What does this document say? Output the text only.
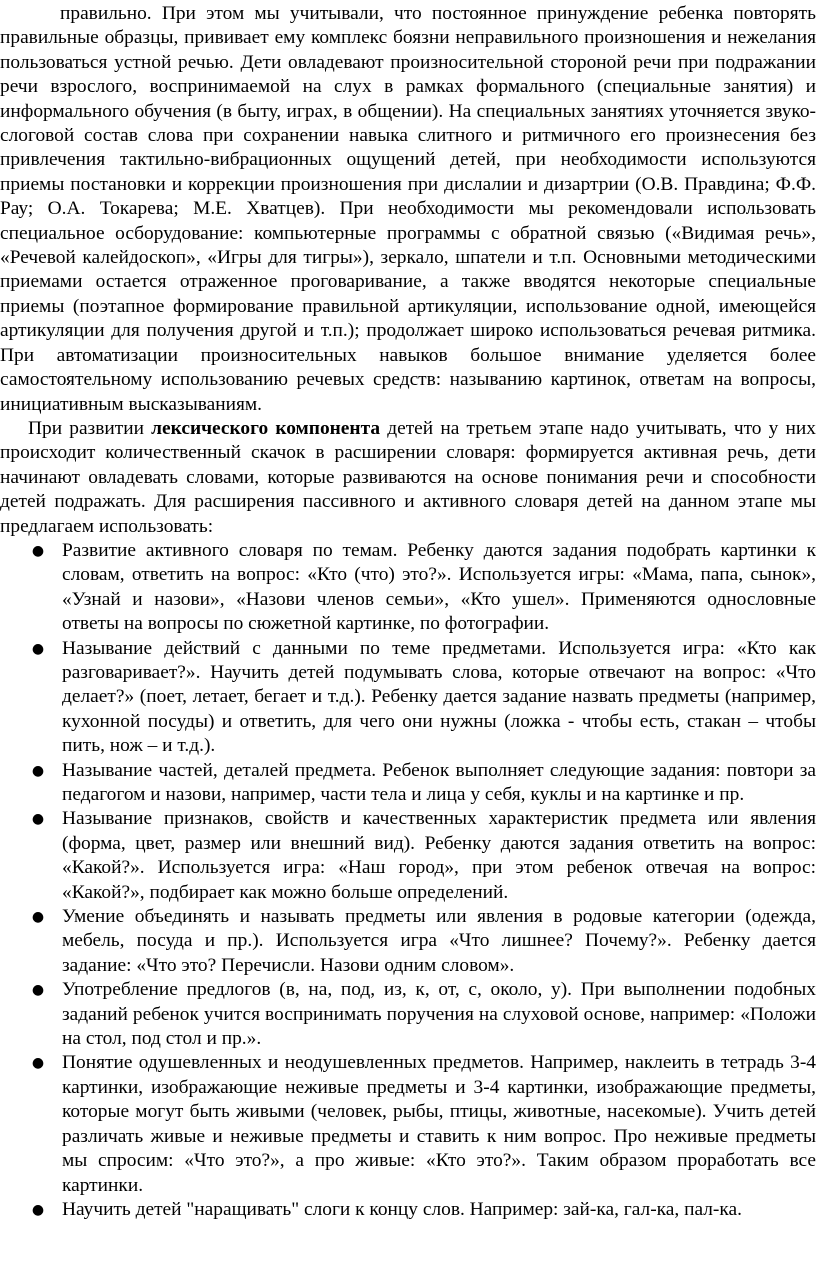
правильно. При этом мы учитывали, что постоянное принуждение ребенка повторять правильные образцы, прививает ему комплекс боязни неправильного произношения и нежелания пользоваться устной речью. Дети овладевают произносительной стороной речи при подражании речи взрослого, воспринимаемой на слух в рамках формального (специальные занятия) и информального обучения (в быту, играх, в общении). На специальных занятиях уточняется звуко-слоговой состав слова при сохранении навыка слитного и ритмичного его произнесения без привлечения тактильно-вибрационных ощущений детей, при необходимости используются приемы постановки и коррекции произношения при дислалии и дизартрии (О.В. Правдина; Ф.Ф. Рау; О.А. Токарева; М.Е. Хватцев). При необходимости мы рекомендовали использовать специальное осборудование: компьютерные программы с обратной связью («Видимая речь», «Речевой калейдоскоп», «Игры для тигры»), зеркало, шпатели и т.п. Основными методическими приемами остается отраженное проговаривание, а также вводятся некоторые специальные приемы (поэтапное формирование правильной артикуляции, использование одной, имеющейся артикуляции для получения другой и т.п.); продолжает широко использоваться речевая ритмика. При автоматизации произносительных навыков большое внимание уделяется более самостоятельному использованию речевых средств: называнию картинок, ответам на вопросы, инициативным высказываниям.

При развитии лексического компонента детей на третьем этапе надо учитывать, что у них происходит количественный скачок в расширении словаря: формируется активная речь, дети начинают овладевать словами, которые развиваются на основе понимания речи и способности детей подражать. Для расширения пассивного и активного словаря детей на данном этапе мы предлагаем использовать:

● Развитие активного словаря по темам. Ребенку даются задания подобрать картинки к словам, ответить на вопрос: «Кто (что) это?». Используется игры: «Мама, папа, сынок», «Узнай и назови», «Назови членов семьи», «Кто ушел». Применяются однословные ответы на вопросы по сюжетной картинке, по фотографии.
● Называние действий с данными по теме предметами. Используется игра: «Кто как разговаривает?». Научить детей подумывать слова, которые отвечают на вопрос: «Что делает?» (поет, летает, бегает и т.д.). Ребенку дается задание назвать предметы (например, кухонной посуды) и ответить, для чего они нужны (ложка - чтобы есть, стакан – чтобы пить, нож – и т.д.).
● Называние частей, деталей предмета. Ребенок выполняет следующие задания: повтори за педагогом и назови, например, части тела и лица у себя, куклы и на картинке и пр.
● Называние признаков, свойств и качественных характеристик предмета или явления (форма, цвет, размер или внешний вид). Ребенку даются задания ответить на вопрос: «Какой?». Используется игра: «Наш город», при этом ребенок отвечая на вопрос: «Какой?», подбирает как можно больше определений.
● Умение объединять и называть предметы или явления в родовые категории (одежда, мебель, посуда и пр.). Используется игра «Что лишнее? Почему?». Ребенку дается задание: «Что это? Перечисли. Назови одним словом».
● Употребление предлогов (в, на, под, из, к, от, с, около, у). При выполнении подобных заданий ребенок учится воспринимать поручения на слуховой основе, например: «Положи на стол, под стол и пр.».
● Понятие одушевленных и неодушевленных предметов. Например, наклеить в тетрадь 3-4 картинки, изображающие неживые предметы и 3-4 картинки, изображающие предметы, которые могут быть живыми (человек, рыбы, птицы, животные, насекомые). Учить детей различать живые и неживые предметы и ставить к ним вопрос. Про неживые предметы мы спросим: «Что это?», а про живые: «Кто это?». Таким образом проработать все картинки.
● Научить детей "наращивать" слоги к концу слов. Например: зай-ка, гал-ка, пал-ка.
